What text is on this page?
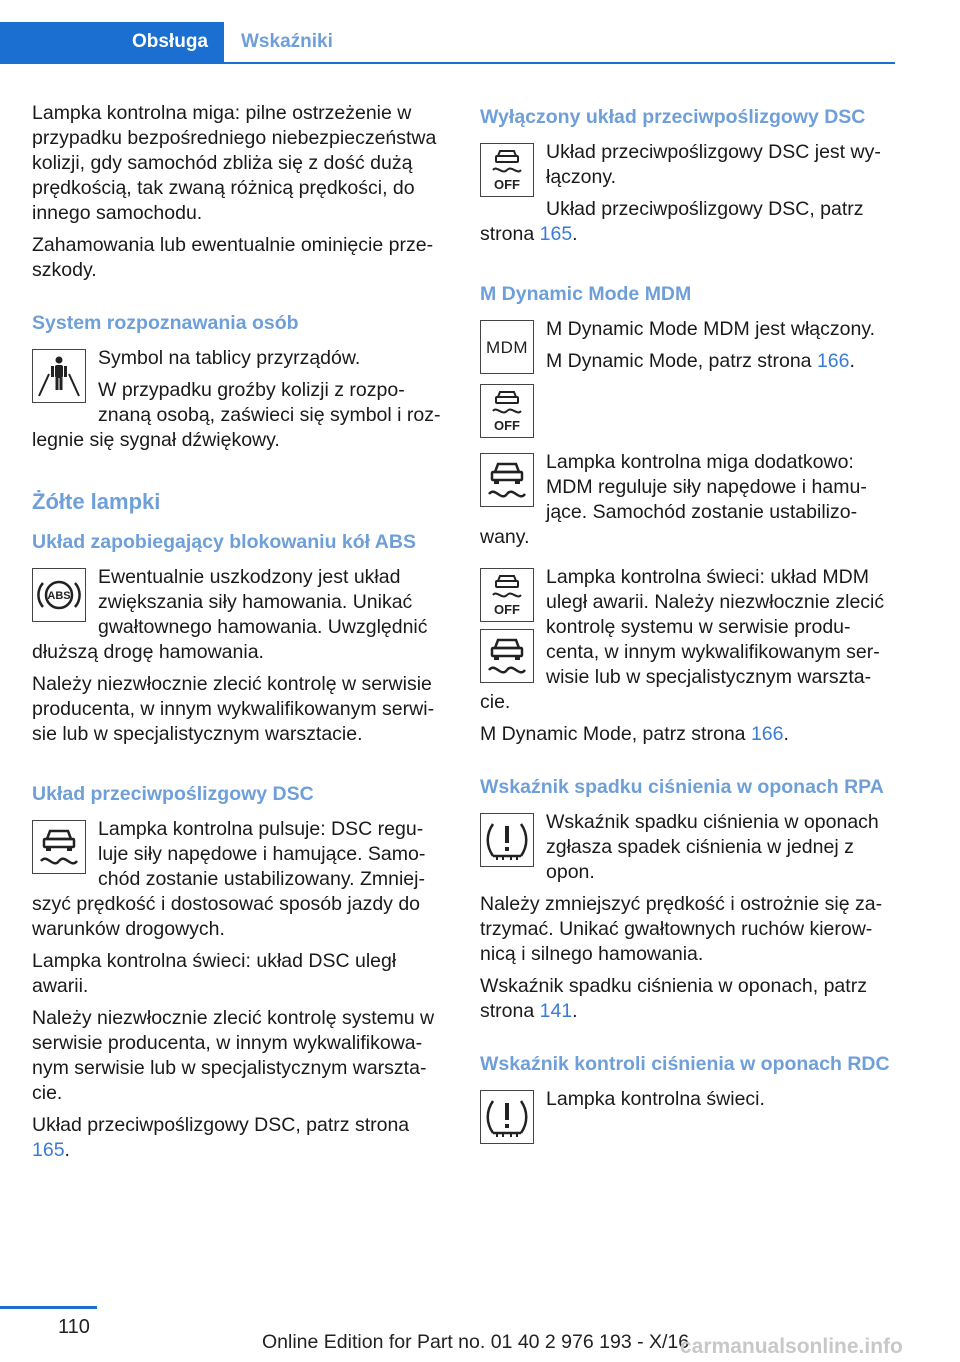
Obsługa	Wskaźniki

Lampka kontrolna miga: pilne ostrzeżenie w przypadku bezpośredniego niebezpieczeństwa kolizji, gdy samochód zbliża się z dość dużą prędkością, tak zwaną różnicą prędkości, do innego samochodu.

Zahamowania lub ewentualnie ominięcie przeszkody.

System rozpoznawania osób

Symbol na tablicy przyrządów.

W przypadku groźby kolizji z rozpoznaną osobą, zaświeci się symbol i rozlegnie się sygnał dźwiękowy.

Żółte lampki
Układ zapobiegający blokowaniu kół ABS
ABS

Ewentualnie uszkodzony jest układ zwiększania siły hamowania. Unikać gwałtownego hamowania. Uwzględnić dłuższą drogę hamowania.

Należy niezwłocznie zlecić kontrolę w serwisie producenta, w innym wykwalifikowanym serwisie lub w specjalistycznym warsztacie.

Układ przeciwpoślizgowy DSC

Lampka kontrolna pulsuje: DSC reguluje siły napędowe i hamujące. Samochód zostanie ustabilizowany. Zmniejszyć prędkość i dostosować sposób jazdy do warunków drogowych.

Lampka kontrolna świeci: układ DSC uległ awarii.

Należy niezwłocznie zlecić kontrolę systemu w serwisie producenta, w innym wykwalifikowanym serwisie lub w specjalistycznym warsztacie.

Układ przeciwpoślizgowy DSC, patrz strona 165.

Wyłączony układ przeciwpoślizgowy DSC
OFF

Układ przeciwpoślizgowy DSC jest wyłączony.

Układ przeciwpoślizgowy DSC, patrz strona 165.

M Dynamic Mode MDM
MDM

M Dynamic Mode MDM jest włączony.

M Dynamic Mode, patrz strona 166.

OFF

Lampka kontrolna miga dodatkowo: MDM reguluje siły napędowe i hamujące. Samochód zostanie ustabilizowany.

OFF

Lampka kontrolna świeci: układ MDM uległ awarii. Należy niezwłocznie zlecić kontrolę systemu w serwisie producenta, w innym wykwalifikowanym serwisie lub w specjalistycznym warsztacie.

M Dynamic Mode, patrz strona 166.

Wskaźnik spadku ciśnienia w oponach RPA

Wskaźnik spadku ciśnienia w oponach zgłasza spadek ciśnienia w jednej z opon.

Należy zmniejszyć prędkość i ostrożnie się zatrzymać. Unikać gwałtownych ruchów kierownicą i silnego hamowania.

Wskaźnik spadku ciśnienia w oponach, patrz strona 141.

Wskaźnik kontroli ciśnienia w oponach RDC

Lampka kontrolna świeci.

110
Online Edition for Part no. 01 40 2 976 193 - X/16
carmanualsonline.info
